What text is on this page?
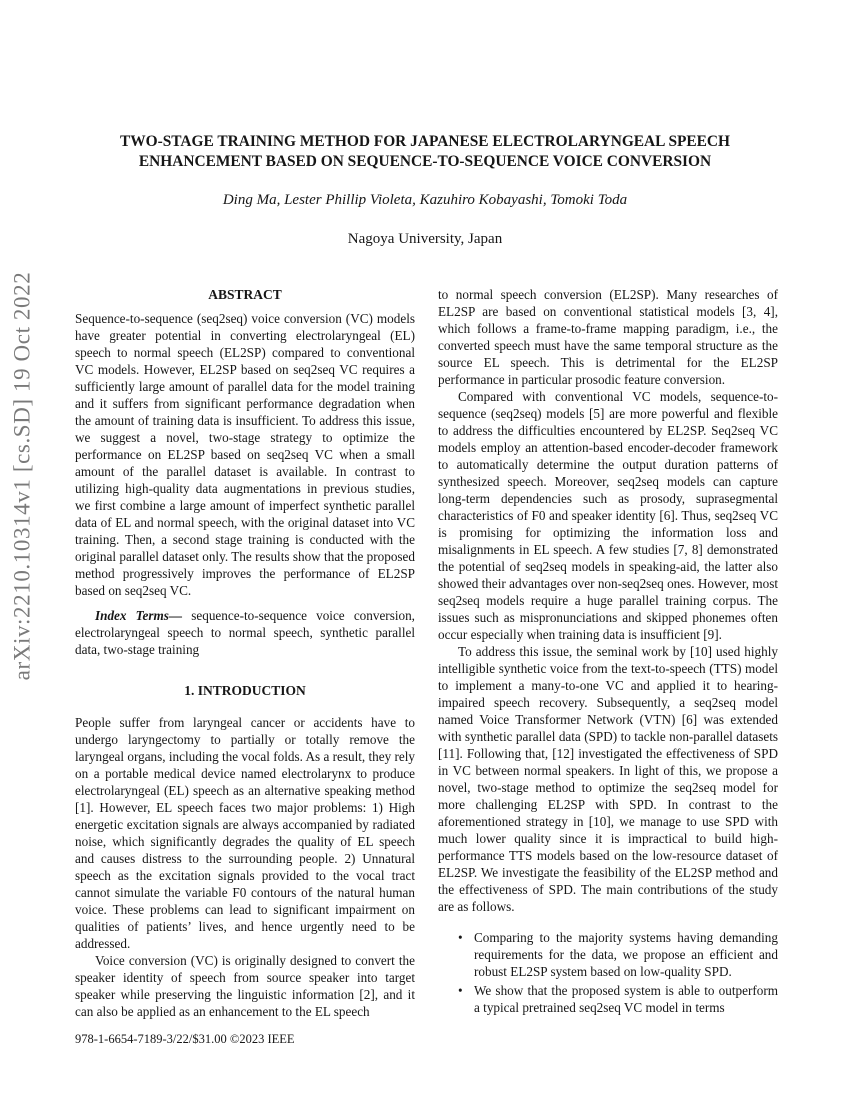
arXiv:2210.10314v1 [cs.SD] 19 Oct 2022
TWO-STAGE TRAINING METHOD FOR JAPANESE ELECTROLARYNGEAL SPEECH
ENHANCEMENT BASED ON SEQUENCE-TO-SEQUENCE VOICE CONVERSION
Ding Ma, Lester Phillip Violeta, Kazuhiro Kobayashi, Tomoki Toda
Nagoya University, Japan
ABSTRACT

Sequence-to-sequence (seq2seq) voice conversion (VC) models have greater potential in converting electrolaryngeal (EL) speech to normal speech (EL2SP) compared to conventional VC models. However, EL2SP based on seq2seq VC requires a sufficiently large amount of parallel data for the model training and it suffers from significant performance degradation when the amount of training data is insufficient. To address this issue, we suggest a novel, two-stage strategy to optimize the performance on EL2SP based on seq2seq VC when a small amount of the parallel dataset is available. In contrast to utilizing high-quality data augmentations in previous studies, we first combine a large amount of imperfect synthetic parallel data of EL and normal speech, with the original dataset into VC training. Then, a second stage training is conducted with the original parallel dataset only. The results show that the proposed method progressively improves the performance of EL2SP based on seq2seq VC.

Index Terms— sequence-to-sequence voice conversion, electrolaryngeal speech to normal speech, synthetic parallel data, two-stage training

1. INTRODUCTION

People suffer from laryngeal cancer or accidents have to undergo laryngectomy to partially or totally remove the laryngeal organs, including the vocal folds. As a result, they rely on a portable medical device named electrolarynx to produce electrolaryngeal (EL) speech as an alternative speaking method [1]. However, EL speech faces two major problems: 1) High energetic excitation signals are always accompanied by radiated noise, which significantly degrades the quality of EL speech and causes distress to the surrounding people. 2) Unnatural speech as the excitation signals provided to the vocal tract cannot simulate the variable F0 contours of the natural human voice. These problems can lead to significant impairment on qualities of patients’ lives, and hence urgently need to be addressed.

Voice conversion (VC) is originally designed to convert the speaker identity of speech from source speaker into target speaker while preserving the linguistic information [2], and it can also be applied as an enhancement to the EL speech

to normal speech conversion (EL2SP). Many researches of EL2SP are based on conventional statistical models [3, 4], which follows a frame-to-frame mapping paradigm, i.e., the converted speech must have the same temporal structure as the source EL speech. This is detrimental for the EL2SP performance in particular prosodic feature conversion.

Compared with conventional VC models, sequence-to-sequence (seq2seq) models [5] are more powerful and flexible to address the difficulties encountered by EL2SP. Seq2seq VC models employ an attention-based encoder-decoder framework to automatically determine the output duration patterns of synthesized speech. Moreover, seq2seq models can capture long-term dependencies such as prosody, suprasegmental characteristics of F0 and speaker identity [6]. Thus, seq2seq VC is promising for optimizing the information loss and misalignments in EL speech. A few studies [7, 8] demonstrated the potential of seq2seq models in speaking-aid, the latter also showed their advantages over non-seq2seq ones. However, most seq2seq models require a huge parallel training corpus. The issues such as mispronunciations and skipped phonemes often occur especially when training data is insufficient [9].

To address this issue, the seminal work by [10] used highly intelligible synthetic voice from the text-to-speech (TTS) model to implement a many-to-one VC and applied it to hearing-impaired speech recovery. Subsequently, a seq2seq model named Voice Transformer Network (VTN) [6] was extended with synthetic parallel data (SPD) to tackle non-parallel datasets [11]. Following that, [12] investigated the effectiveness of SPD in VC between normal speakers. In light of this, we propose a novel, two-stage method to optimize the seq2seq model for more challenging EL2SP with SPD. In contrast to the aforementioned strategy in [10], we manage to use SPD with much lower quality since it is impractical to build high-performance TTS models based on the low-resource dataset of EL2SP. We investigate the feasibility of the EL2SP method and the effectiveness of SPD. The main contributions of the study are as follows.

• Comparing to the majority systems having demanding requirements for the data, we propose an efficient and robust EL2SP system based on low-quality SPD.
• We show that the proposed system is able to outperform a typical pretrained seq2seq VC model in terms
978-1-6654-7189-3/22/$31.00 ©2023 IEEE
